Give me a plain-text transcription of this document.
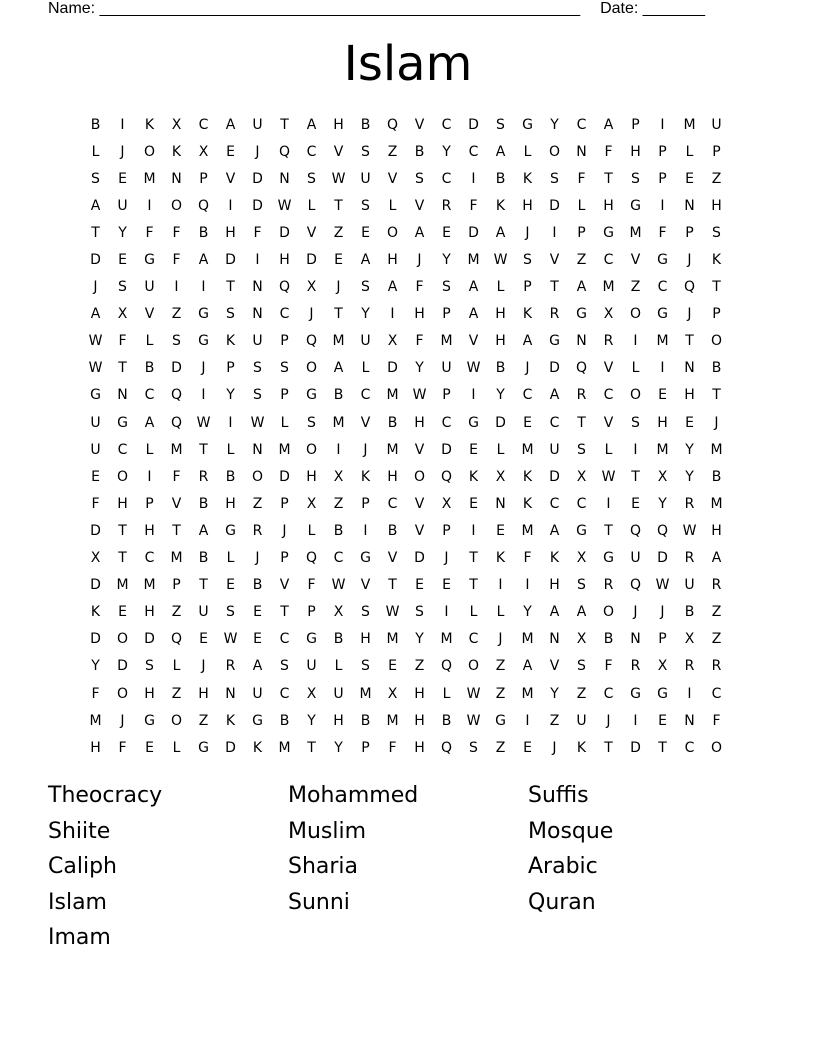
Name: ______________________________________________________ Date: _______
Islam
B	I	K	X	C	A	U	T	A	H	B	Q	V	C	D	S	G	Y	C	A	P	I	M	U
L	J	O	K	X	E	J	Q	C	V	S	Z	B	Y	C	A	L	O	N	F	H	P	L	P
S	E	M	N	P	V	D	N	S	W	U	V	S	C	I	B	K	S	F	T	S	P	E	Z
A	U	I	O	Q	I	D	W	L	T	S	L	V	R	F	K	H	D	L	H	G	I	N	H
T	Y	F	F	B	H	F	D	V	Z	E	O	A	E	D	A	J	I	P	G	M	F	P	S
D	E	G	F	A	D	I	H	D	E	A	H	J	Y	M	W	S	V	Z	C	V	G	J	K
J	S	U	I	I	T	N	Q	X	J	S	A	F	S	A	L	P	T	A	M	Z	C	Q	T
A	X	V	Z	G	S	N	C	J	T	Y	I	H	P	A	H	K	R	G	X	O	G	J	P
W	F	L	S	G	K	U	P	Q	M	U	X	F	M	V	H	A	G	N	R	I	M	T	O
W	T	B	D	J	P	S	S	O	A	L	D	Y	U	W	B	J	D	Q	V	L	I	N	B
G	N	C	Q	I	Y	S	P	G	B	C	M	W	P	I	Y	C	A	R	C	O	E	H	T
U	G	A	Q	W	I	W	L	S	M	V	B	H	C	G	D	E	C	T	V	S	H	E	J
U	C	L	M	T	L	N	M	O	I	J	M	V	D	E	L	M	U	S	L	I	M	Y	M
E	O	I	F	R	B	O	D	H	X	K	H	O	Q	K	X	K	D	X	W	T	X	Y	B
F	H	P	V	B	H	Z	P	X	Z	P	C	V	X	E	N	K	C	C	I	E	Y	R	M
D	T	H	T	A	G	R	J	L	B	I	B	V	P	I	E	M	A	G	T	Q	Q	W	H
X	T	C	M	B	L	J	P	Q	C	G	V	D	J	T	K	F	K	X	G	U	D	R	A
D	M	M	P	T	E	B	V	F	W	V	T	E	E	T	I	I	H	S	R	Q	W	U	R
K	E	H	Z	U	S	E	T	P	X	S	W	S	I	L	L	Y	A	A	O	J	J	B	Z
D	O	D	Q	E	W	E	C	G	B	H	M	Y	M	C	J	M	N	X	B	N	P	X	Z
Y	D	S	L	J	R	A	S	U	L	S	E	Z	Q	O	Z	A	V	S	F	R	X	R	R
F	O	H	Z	H	N	U	C	X	U	M	X	H	L	W	Z	M	Y	Z	C	G	G	I	C
M	J	G	O	Z	K	G	B	Y	H	B	M	H	B	W	G	I	Z	U	J	I	E	N	F
H	F	E	L	G	D	K	M	T	Y	P	F	H	Q	S	Z	E	J	K	T	D	T	C	O
Theocracy	Mohammed	Suffis
Shiite	Muslim	Mosque
Caliph	Sharia	Arabic
Islam	Sunni	Quran
Imam
